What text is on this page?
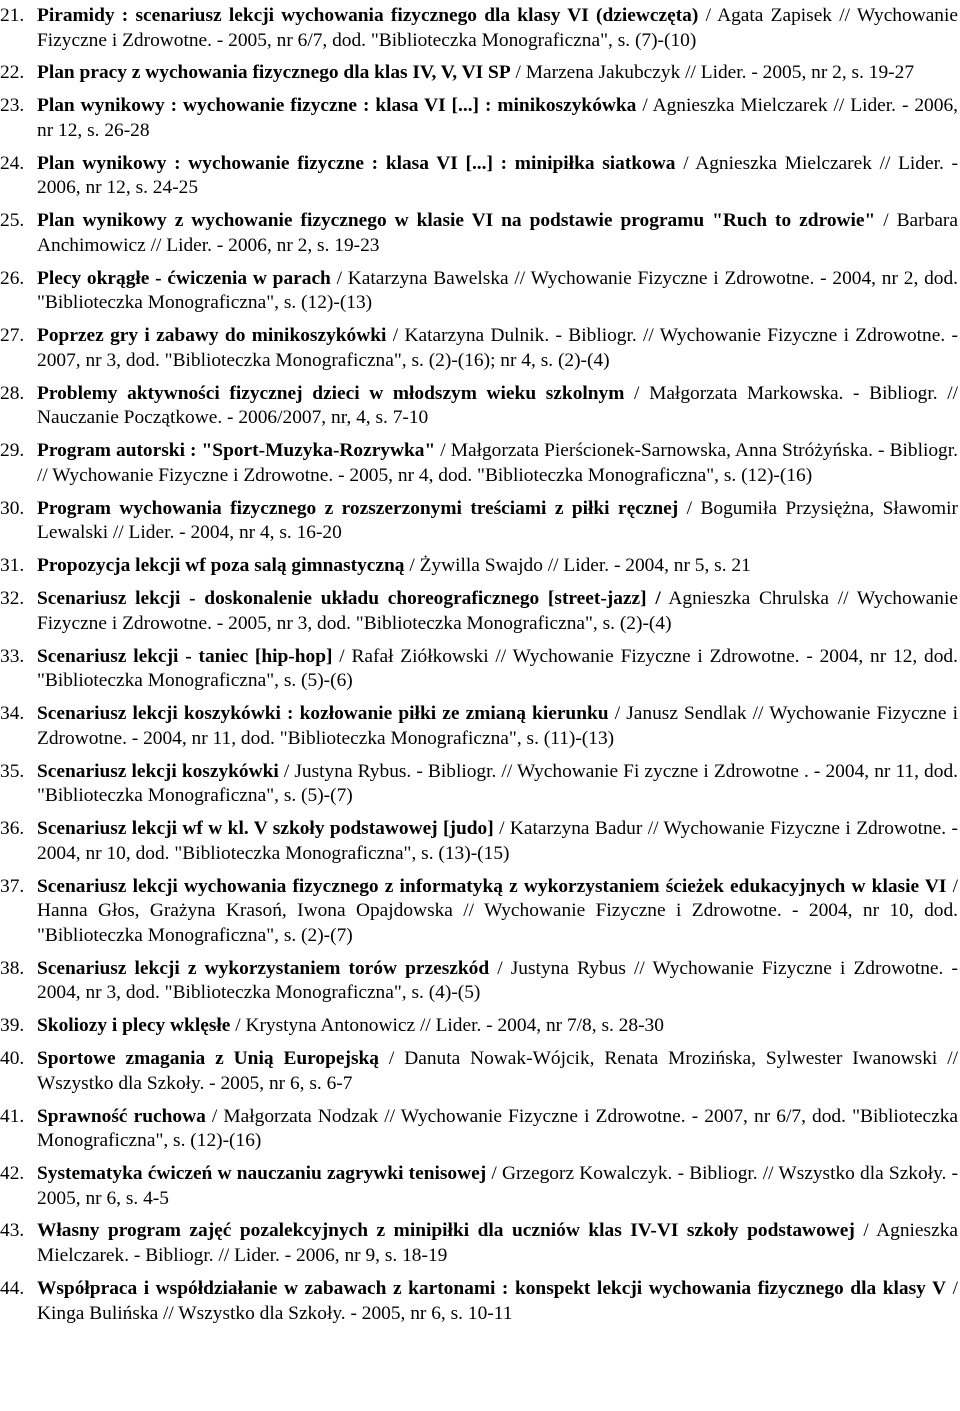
21. Piramidy : scenariusz lekcji wychowania fizycznego dla klasy VI (dziewczęta) / Agata Zapisek // Wychowanie Fizyczne i Zdrowotne. - 2005, nr 6/7, dod. "Biblioteczka Monograficzna", s. (7)-(10)
22. Plan pracy z wychowania fizycznego dla klas IV, V, VI SP / Marzena Jakubczyk // Lider. - 2005, nr 2, s. 19-27
23. Plan wynikowy : wychowanie fizyczne : klasa VI [...] : minikoszykówka / Agnieszka Mielczarek // Lider. - 2006, nr 12, s. 26-28
24. Plan wynikowy : wychowanie fizyczne : klasa VI [...] : minipiłka siatkowa / Agnieszka Mielczarek // Lider. - 2006, nr 12, s. 24-25
25. Plan wynikowy z wychowanie fizycznego w klasie VI na podstawie programu "Ruch to zdrowie" / Barbara Anchimowicz // Lider. - 2006, nr 2, s. 19-23
26. Plecy okrągłe - ćwiczenia w parach / Katarzyna Bawelska // Wychowanie Fizyczne i Zdrowotne. - 2004, nr 2, dod. "Biblioteczka Monograficzna", s. (12)-(13)
27. Poprzez gry i zabawy do minikoszykówki / Katarzyna Dulnik. - Bibliogr. // Wychowanie Fizyczne i Zdrowotne. - 2007, nr 3, dod. "Biblioteczka Monograficzna", s. (2)-(16); nr 4, s. (2)-(4)
28. Problemy aktywności fizycznej dzieci w młodszym wieku szkolnym / Małgorzata Markowska. - Bibliogr. // Nauczanie Początkowe. - 2006/2007, nr, 4, s. 7-10
29. Program autorski : "Sport-Muzyka-Rozrywka" / Małgorzata Pierścionek-Sarnowska, Anna Stróżyńska. - Bibliogr. // Wychowanie Fizyczne i Zdrowotne. - 2005, nr 4, dod. "Biblioteczka Monograficzna", s. (12)-(16)
30. Program wychowania fizycznego z rozszerzonymi treściami z piłki ręcznej / Bogumiła Przysiężna, Sławomir Lewalski // Lider. - 2004, nr 4, s. 16-20
31. Propozycja lekcji wf poza salą gimnastyczną / Żywilla Swajdo // Lider. - 2004, nr 5, s. 21
32. Scenariusz lekcji - doskonalenie układu choreograficznego [street-jazz] / Agnieszka Chrulska // Wychowanie Fizyczne i Zdrowotne. - 2005, nr 3, dod. "Biblioteczka Monograficzna", s. (2)-(4)
33. Scenariusz lekcji - taniec [hip-hop] / Rafał Ziółkowski // Wychowanie Fizyczne i Zdrowotne. - 2004, nr 12, dod. "Biblioteczka Monograficzna", s. (5)-(6)
34. Scenariusz lekcji koszykówki : kozłowanie piłki ze zmianą kierunku / Janusz Sendlak // Wychowanie Fizyczne i Zdrowotne. - 2004, nr 11, dod. "Biblioteczka Monograficzna", s. (11)-(13)
35. Scenariusz lekcji koszykówki / Justyna Rybus. - Bibliogr. // Wychowanie Fi zyczne i Zdrowotne . - 2004, nr 11, dod. "Biblioteczka Monograficzna", s. (5)-(7)
36. Scenariusz lekcji wf w kl. V szkoły podstawowej [judo] / Katarzyna Badur // Wychowanie Fizyczne i Zdrowotne. - 2004, nr 10, dod. "Biblioteczka Monograficzna", s. (13)-(15)
37. Scenariusz lekcji wychowania fizycznego z informatyką z wykorzystaniem ścieżek edukacyjnych w klasie VI / Hanna Głos, Grażyna Krasoń, Iwona Opajdowska // Wychowanie Fizyczne i Zdrowotne. - 2004, nr 10, dod. "Biblioteczka Monograficzna", s. (2)-(7)
38. Scenariusz lekcji z wykorzystaniem torów przeszkód / Justyna Rybus // Wychowanie Fizyczne i Zdrowotne. - 2004, nr 3, dod. "Biblioteczka Monograficzna", s. (4)-(5)
39. Skoliozy i plecy wklęsłe / Krystyna Antonowicz // Lider. - 2004, nr 7/8, s. 28-30
40. Sportowe zmagania z Unią Europejską / Danuta Nowak-Wójcik, Renata Mrozińska, Sylwester Iwanowski // Wszystko dla Szkoły. - 2005, nr 6, s. 6-7
41. Sprawność ruchowa / Małgorzata Nodzak // Wychowanie Fizyczne i Zdrowotne. - 2007, nr 6/7, dod. "Biblioteczka Monograficzna", s. (12)-(16)
42. Systematyka ćwiczeń w nauczaniu zagrywki tenisowej / Grzegorz Kowalczyk. - Bibliogr. // Wszystko dla Szkoły. - 2005, nr 6, s. 4-5
43. Własny program zajęć pozalekcyjnych z minipiłki dla uczniów klas IV-VI szkoły podstawowej / Agnieszka Mielczarek. - Bibliogr. // Lider. - 2006, nr 9, s. 18-19
44. Współpraca i współdziałanie w zabawach z kartonami : konspekt lekcji wychowania fizycznego dla klasy V / Kinga Bulińska // Wszystko dla Szkoły. - 2005, nr 6, s. 10-11
